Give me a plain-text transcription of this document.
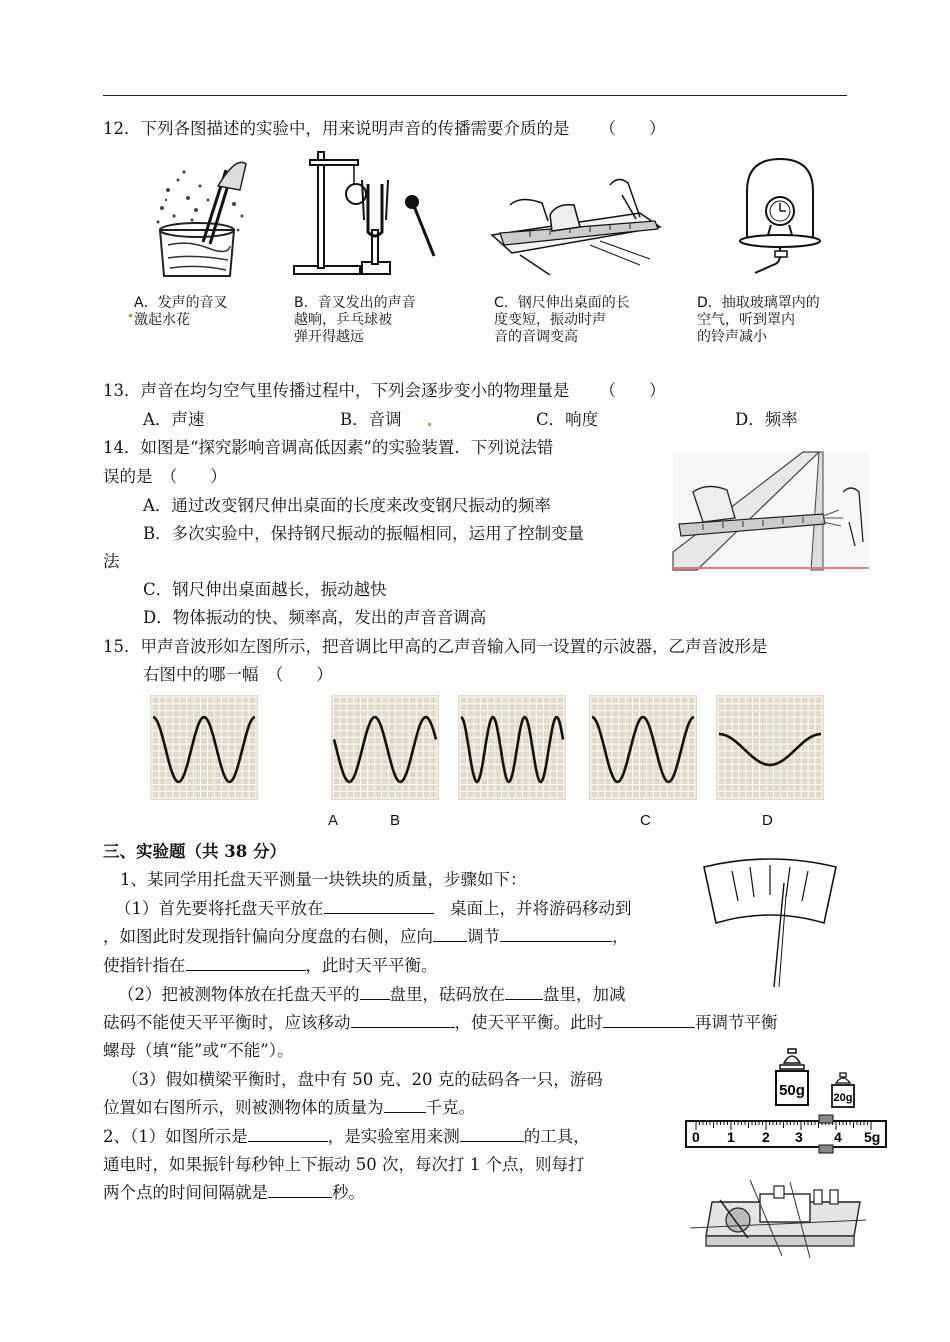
12．下列各图描述的实验中，用来说明声音的传播需要介质的是 （　　）
A．发声的音叉
激起水花
B．音叉发出的声音
越响，乒乓球被
弹开得越远
C．钢尺伸出桌面的长
度变短，振动时声
音的音调变高
D．抽取玻璃罩内的
空气，听到罩内
的铃声减小
13．声音在均匀空气里传播过程中，下列会逐步变小的物理量是 （　　）
A．声速	B．音调	C．响度	D．频率
14．如图是“探究影响音调高低因素”的实验装置．下列说法错
误的是　（　　）
A．通过改变钢尺伸出桌面的长度来改变钢尺振动的频率
B．多次实验中，保持钢尺振动的振幅相同，运用了控制变量
法
C．钢尺伸出桌面越长，振动越快
D．物体振动的快、频率高，发出的声音音调高
15．甲声音波形如左图所示，把音调比甲高的乙声音输入同一设置的示波器，乙声音波形是
右图中的哪一幅　（　　）
A	B	C	D
三、实验题（共 38 分）
1、某同学用托盘天平测量一块铁块的质量，步骤如下：
（1）首先要将托盘天平放在　	桌面上，并将游码移动到
，如图此时发现指针偏向分度盘的右侧，应向 调节	，
使指针指在	，此时天平平衡。
（2）把被测物体放在托盘天平的 盘里，砝码放在 盘里，加减
砝码不能使天平平衡时，应该移动	，使天平平衡。此时	再调节平衡
螺母（填“能”或“不能”）。
（3）假如横梁平衡时，盘中有 50 克、20 克的砝码各一只，游码
位置如右图所示，则被测物体的质量为	千克。
2、（1）如图所示是	，是实验室用来测	的工具，
通电时，如果振针每秒钟上下振动 50 次，每次打 1 个点，则每打
两个点的时间间隔就是	秒。
50g	20g
0 1 2 3 4 5g
